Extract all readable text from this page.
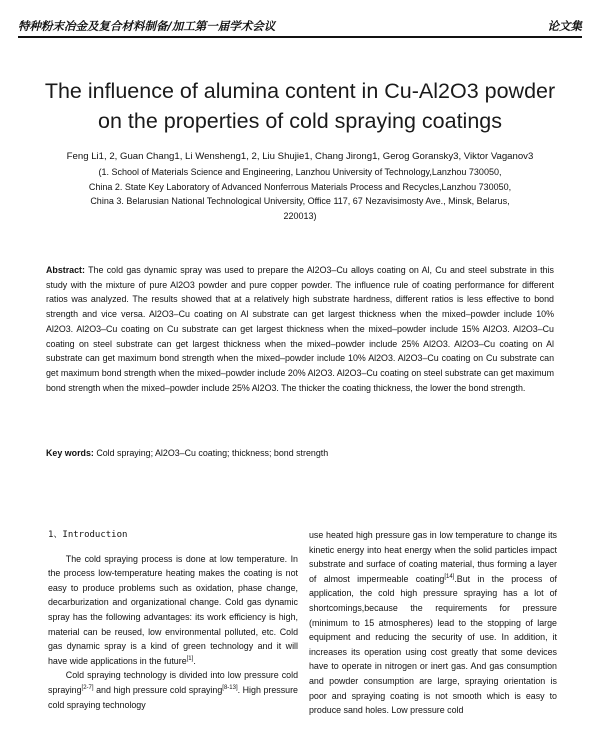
特种粉末冶金及复合材料制备/加工第一届学术会议	论文集
The influence of alumina content in Cu-Al2O3 powder
on the properties of cold spraying coatings
Feng Li1, 2, Guan Chang1, Li Wensheng1, 2, Liu Shujie1, Chang Jirong1, Gerog Goransky3, Viktor Vaganov3
(1. School of Materials Science and Engineering, Lanzhou University of Technology,Lanzhou 730050,
China 2. State Key Laboratory of Advanced Nonferrous Materials Process and Recycles,Lanzhou 730050,
China 3. Belarusian National Technological University, Office 117, 67 Nezavisimosty Ave., Minsk, Belarus,
220013)

Abstract: The cold gas dynamic spray was used to prepare the Al2O3–Cu alloys coating on Al, Cu and steel substrate in this study with the mixture of pure Al2O3 powder and pure copper powder. The influence rule of coating performance for different ratios was analyzed. The results showed that at a relatively high substrate hardness, different ratios is less effective to bond strength and vice versa. Al2O3–Cu coating on Al substrate can get largest thickness when the mixed–powder include 10% Al2O3. Al2O3–Cu coating on Cu substrate can get largest thickness when the mixed–powder include 15% Al2O3. Al2O3–Cu coating on steel substrate can get largest thickness when the mixed–powder include 25% Al2O3. Al2O3–Cu coating on Al substrate can get maximum bond strength when the mixed–powder include 10% Al2O3. Al2O3–Cu coating on Cu substrate can get maximum bond strength when the mixed–powder include 20% Al2O3. Al2O3–Cu coating on steel substrate can get maximum bond strength when the mixed–powder include 25% Al2O3. The thicker the coating thickness, the lower the bond strength.

Key words: Cold spraying; Al2O3–Cu coating; thickness; bond strength

1、Introduction

The cold spraying process is done at low temperature. In the process low-temperature heating makes the coating is not easy to produce problems such as oxidation, phase change, decarburization and organizational change. Cold gas dynamic spray has the following advantages: its work efficiency is high, material can be reused, low environmental polluted, etc. Cold gas dynamic spray is a kind of green technology and it will have wide applications in the future[1].

Cold spraying technology is divided into low pressure cold spraying[2-7] and high pressure cold spraying[8-13]. High pressure cold spraying technology

use heated high pressure gas in low temperature to change its kinetic energy into heat energy when the solid particles impact substrate and surface of coating material, thus forming a layer of almost impermeable coating[14].But in the process of application, the cold high pressure spraying has a lot of shortcomings,because the requirements for pressure (minimum to 15 atmospheres) lead to the stopping of large equipment and reducing the security of use. In addition, it increases its operation using cost greatly that some devices have to operate in nitrogen or inert gas. And gas consumption and powder consumption are large, spraying orientation is poor and spraying coating is not smooth which is easy to produce sand holes. Low pressure cold
